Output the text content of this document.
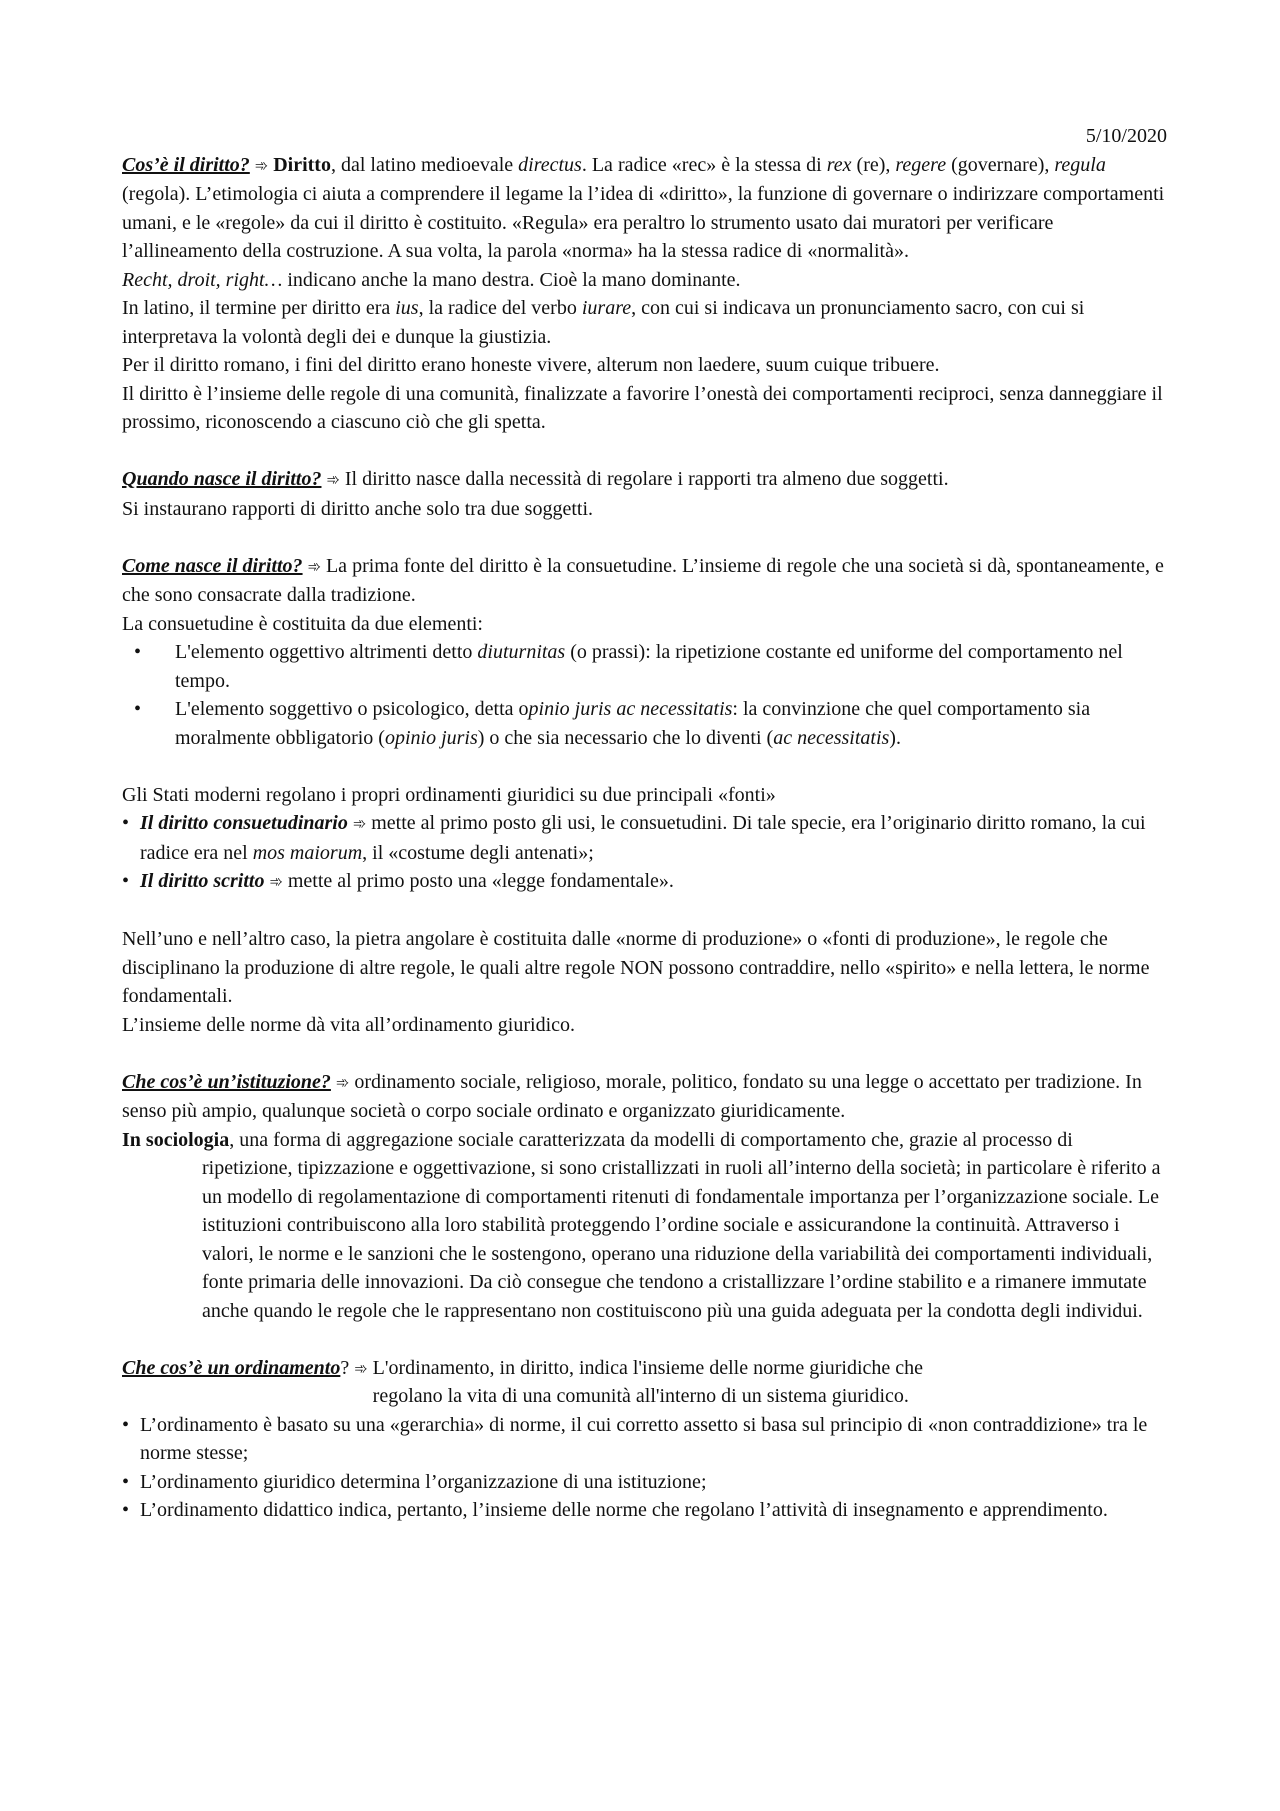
5/10/2020

Cos’è il diritto? ➾ Diritto, dal latino medioevale directus. La radice «rec» è la stessa di rex (re), regere (governare), regula (regola). L’etimologia ci aiuta a comprendere il legame la l’idea di «diritto», la funzione di governare o indirizzare comportamenti umani, e le «regole» da cui il diritto è costituito. «Regula» era peraltro lo strumento usato dai muratori per verificare l’allineamento della costruzione. A sua volta, la parola «norma» ha la stessa radice di «normalità».

Recht, droit, right… indicano anche la mano destra. Cioè la mano dominante.

In latino, il termine per diritto era ius, la radice del verbo iurare, con cui si indicava un pronunciamento sacro, con cui si interpretava la volontà degli dei e dunque la giustizia.

Per il diritto romano, i fini del diritto erano honeste vivere, alterum non laedere, suum cuique tribuere.

Il diritto è l’insieme delle regole di una comunità, finalizzate a favorire l’onestà dei comportamenti reciproci, senza danneggiare il prossimo, riconoscendo a ciascuno ciò che gli spetta.

Quando nasce il diritto? ➾ Il diritto nasce dalla necessità di regolare i rapporti tra almeno due soggetti.

Si instaurano rapporti di diritto anche solo tra due soggetti.

Come nasce il diritto? ➾ La prima fonte del diritto è la consuetudine. L’insieme di regole che una società si dà, spontaneamente, e che sono consacrate dalla tradizione.

La consuetudine è costituita da due elementi:

• L'elemento oggettivo altrimenti detto diuturnitas (o prassi): la ripetizione costante ed uniforme del comportamento nel tempo.
• L'elemento soggettivo o psicologico, detta opinio juris ac necessitatis: la convinzione che quel comportamento sia moralmente obbligatorio (opinio juris) o che sia necessario che lo diventi (ac necessitatis).

Gli Stati moderni regolano i propri ordinamenti giuridici su due principali «fonti»

• Il diritto consuetudinario ➾ mette al primo posto gli usi, le consuetudini. Di tale specie, era l’originario diritto romano, la cui radice era nel mos maiorum, il «costume degli antenati»;
• Il diritto scritto ➾ mette al primo posto una «legge fondamentale».

Nell’uno e nell’altro caso, la pietra angolare è costituita dalle «norme di produzione» o «fonti di produzione», le regole che disciplinano la produzione di altre regole, le quali altre regole NON possono contraddire, nello «spirito» e nella lettera, le norme fondamentali.

L’insieme delle norme dà vita all’ordinamento giuridico.

Che cos’è un’istituzione? ➾ ordinamento sociale, religioso, morale, politico, fondato su una legge o accettato per tradizione. In senso più ampio, qualunque società o corpo sociale ordinato e organizzato giuridicamente.

In sociologia, una forma di aggregazione sociale caratterizzata da modelli di comportamento che, grazie al processo di ripetizione, tipizzazione e oggettivazione, si sono cristallizzati in ruoli all’interno della società; in particolare è riferito a un modello di regolamentazione di comportamenti ritenuti di fondamentale importanza per l’organizzazione sociale. Le istituzioni contribuiscono alla loro stabilità proteggendo l’ordine sociale e assicurandone la continuità. Attraverso i valori, le norme e le sanzioni che le sostengono, operano una riduzione della variabilità dei comportamenti individuali, fonte primaria delle innovazioni. Da ciò consegue che tendono a cristallizzare l’ordine stabilito e a rimanere immutate anche quando le regole che le rappresentano non costituiscono più una guida adeguata per la condotta degli individui.

Che cos’è un ordinamento? ➾ L'ordinamento, in diritto, indica l'insieme delle norme giuridiche che
regolano la vita di una comunità all'interno di un sistema giuridico.
• L’ordinamento è basato su una «gerarchia» di norme, il cui corretto assetto si basa sul principio di «non contraddizione» tra le norme stesse;
• L’ordinamento giuridico determina l’organizzazione di una istituzione;
• L’ordinamento didattico indica, pertanto, l’insieme delle norme che regolano l’attività di insegnamento e apprendimento.
